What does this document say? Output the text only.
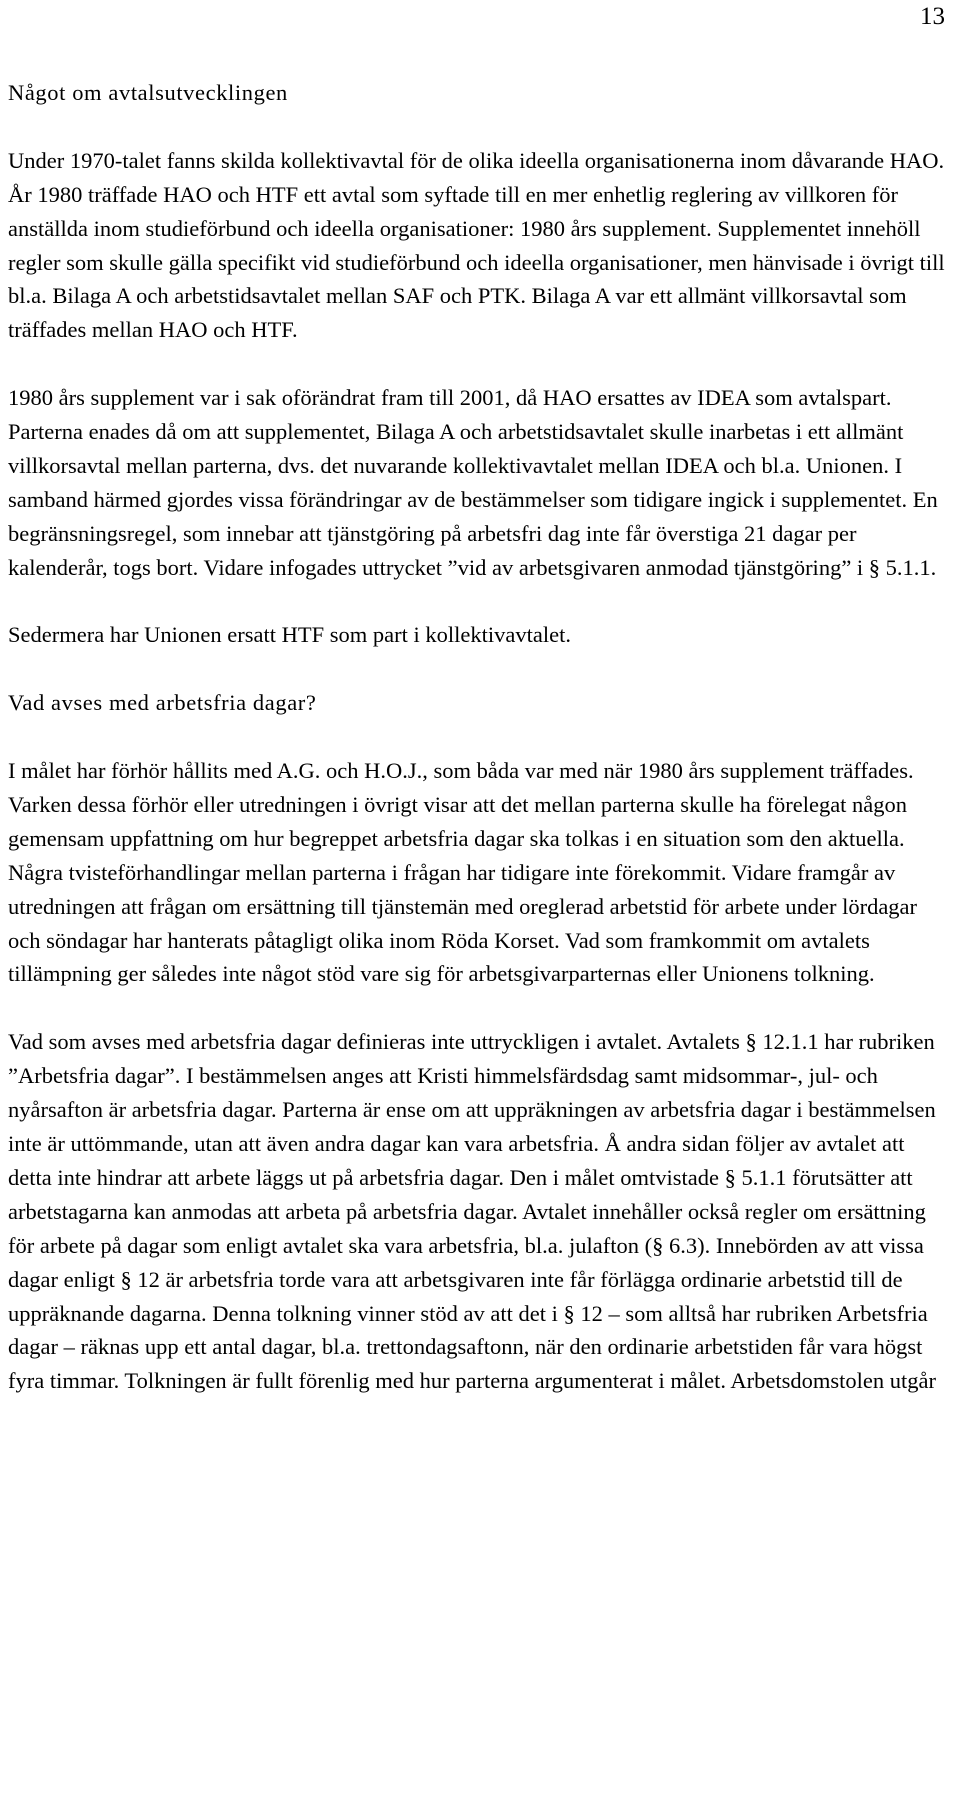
13

Något om avtalsutvecklingen

Under 1970-talet fanns skilda kollektivavtal för de olika ideella organisationerna inom dåvarande HAO. År 1980 träffade HAO och HTF ett avtal som syftade till en mer enhetlig reglering av villkoren för anställda inom studieförbund och ideella organisationer: 1980 års supplement. Supplementet innehöll regler som skulle gälla specifikt vid studieförbund och ideella organisationer, men hänvisade i övrigt till bl.a. Bilaga A och arbetstidsavtalet mellan SAF och PTK. Bilaga A var ett allmänt villkorsavtal som träffades mellan HAO och HTF.

1980 års supplement var i sak oförändrat fram till 2001, då HAO ersattes av IDEA som avtalspart. Parterna enades då om att supplementet, Bilaga A och arbetstidsavtalet skulle inarbetas i ett allmänt villkorsavtal mellan parterna, dvs. det nuvarande kollektivavtalet mellan IDEA och bl.a. Unionen. I samband härmed gjordes vissa förändringar av de bestämmelser som tidigare ingick i supplementet. En begränsningsregel, som innebar att tjänstgöring på arbetsfri dag inte får överstiga 21 dagar per kalenderår, togs bort. Vidare infogades uttrycket ”vid av arbetsgivaren anmodad tjänstgöring” i § 5.1.1.

Sedermera har Unionen ersatt HTF som part i kollektivavtalet.

Vad avses med arbetsfria dagar?

I målet har förhör hållits med A.G. och H.O.J., som båda var med när 1980 års supplement träffades. Varken dessa förhör eller utredningen i övrigt visar att det mellan parterna skulle ha förelegat någon gemensam uppfattning om hur begreppet arbetsfria dagar ska tolkas i en situation som den aktuella. Några tvisteförhandlingar mellan parterna i frågan har tidigare inte förekommit. Vidare framgår av utredningen att frågan om ersättning till tjänstemän med oreglerad arbetstid för arbete under lördagar och söndagar har hanterats påtagligt olika inom Röda Korset. Vad som framkommit om avtalets tillämpning ger således inte något stöd vare sig för arbetsgivarparternas eller Unionens tolkning.

Vad som avses med arbetsfria dagar definieras inte uttryckligen i avtalet. Avtalets § 12.1.1 har rubriken ”Arbetsfria dagar”. I bestämmelsen anges att Kristi himmelsfärdsdag samt midsommar-, jul- och nyårsafton är arbetsfria dagar. Parterna är ense om att uppräkningen av arbetsfria dagar i bestämmelsen inte är uttömmande, utan att även andra dagar kan vara arbetsfria. Å andra sidan följer av avtalet att detta inte hindrar att arbete läggs ut på arbetsfria dagar. Den i målet omtvistade § 5.1.1 förutsätter att arbetstagarna kan anmodas att arbeta på arbetsfria dagar. Avtalet innehåller också regler om ersättning för arbete på dagar som enligt avtalet ska vara arbetsfria, bl.a. julafton (§ 6.3). Innebörden av att vissa dagar enligt § 12 är arbetsfria torde vara att arbetsgivaren inte får förlägga ordinarie arbetstid till de uppräknande dagarna. Denna tolkning vinner stöd av att det i § 12 – som alltså har rubriken Arbetsfria dagar – räknas upp ett antal dagar, bl.a. trettondagsaftonn, när den ordinarie arbetstiden får vara högst fyra timmar. Tolkningen är fullt förenlig med hur parterna argumenterat i målet. Arbetsdomstolen utgår
